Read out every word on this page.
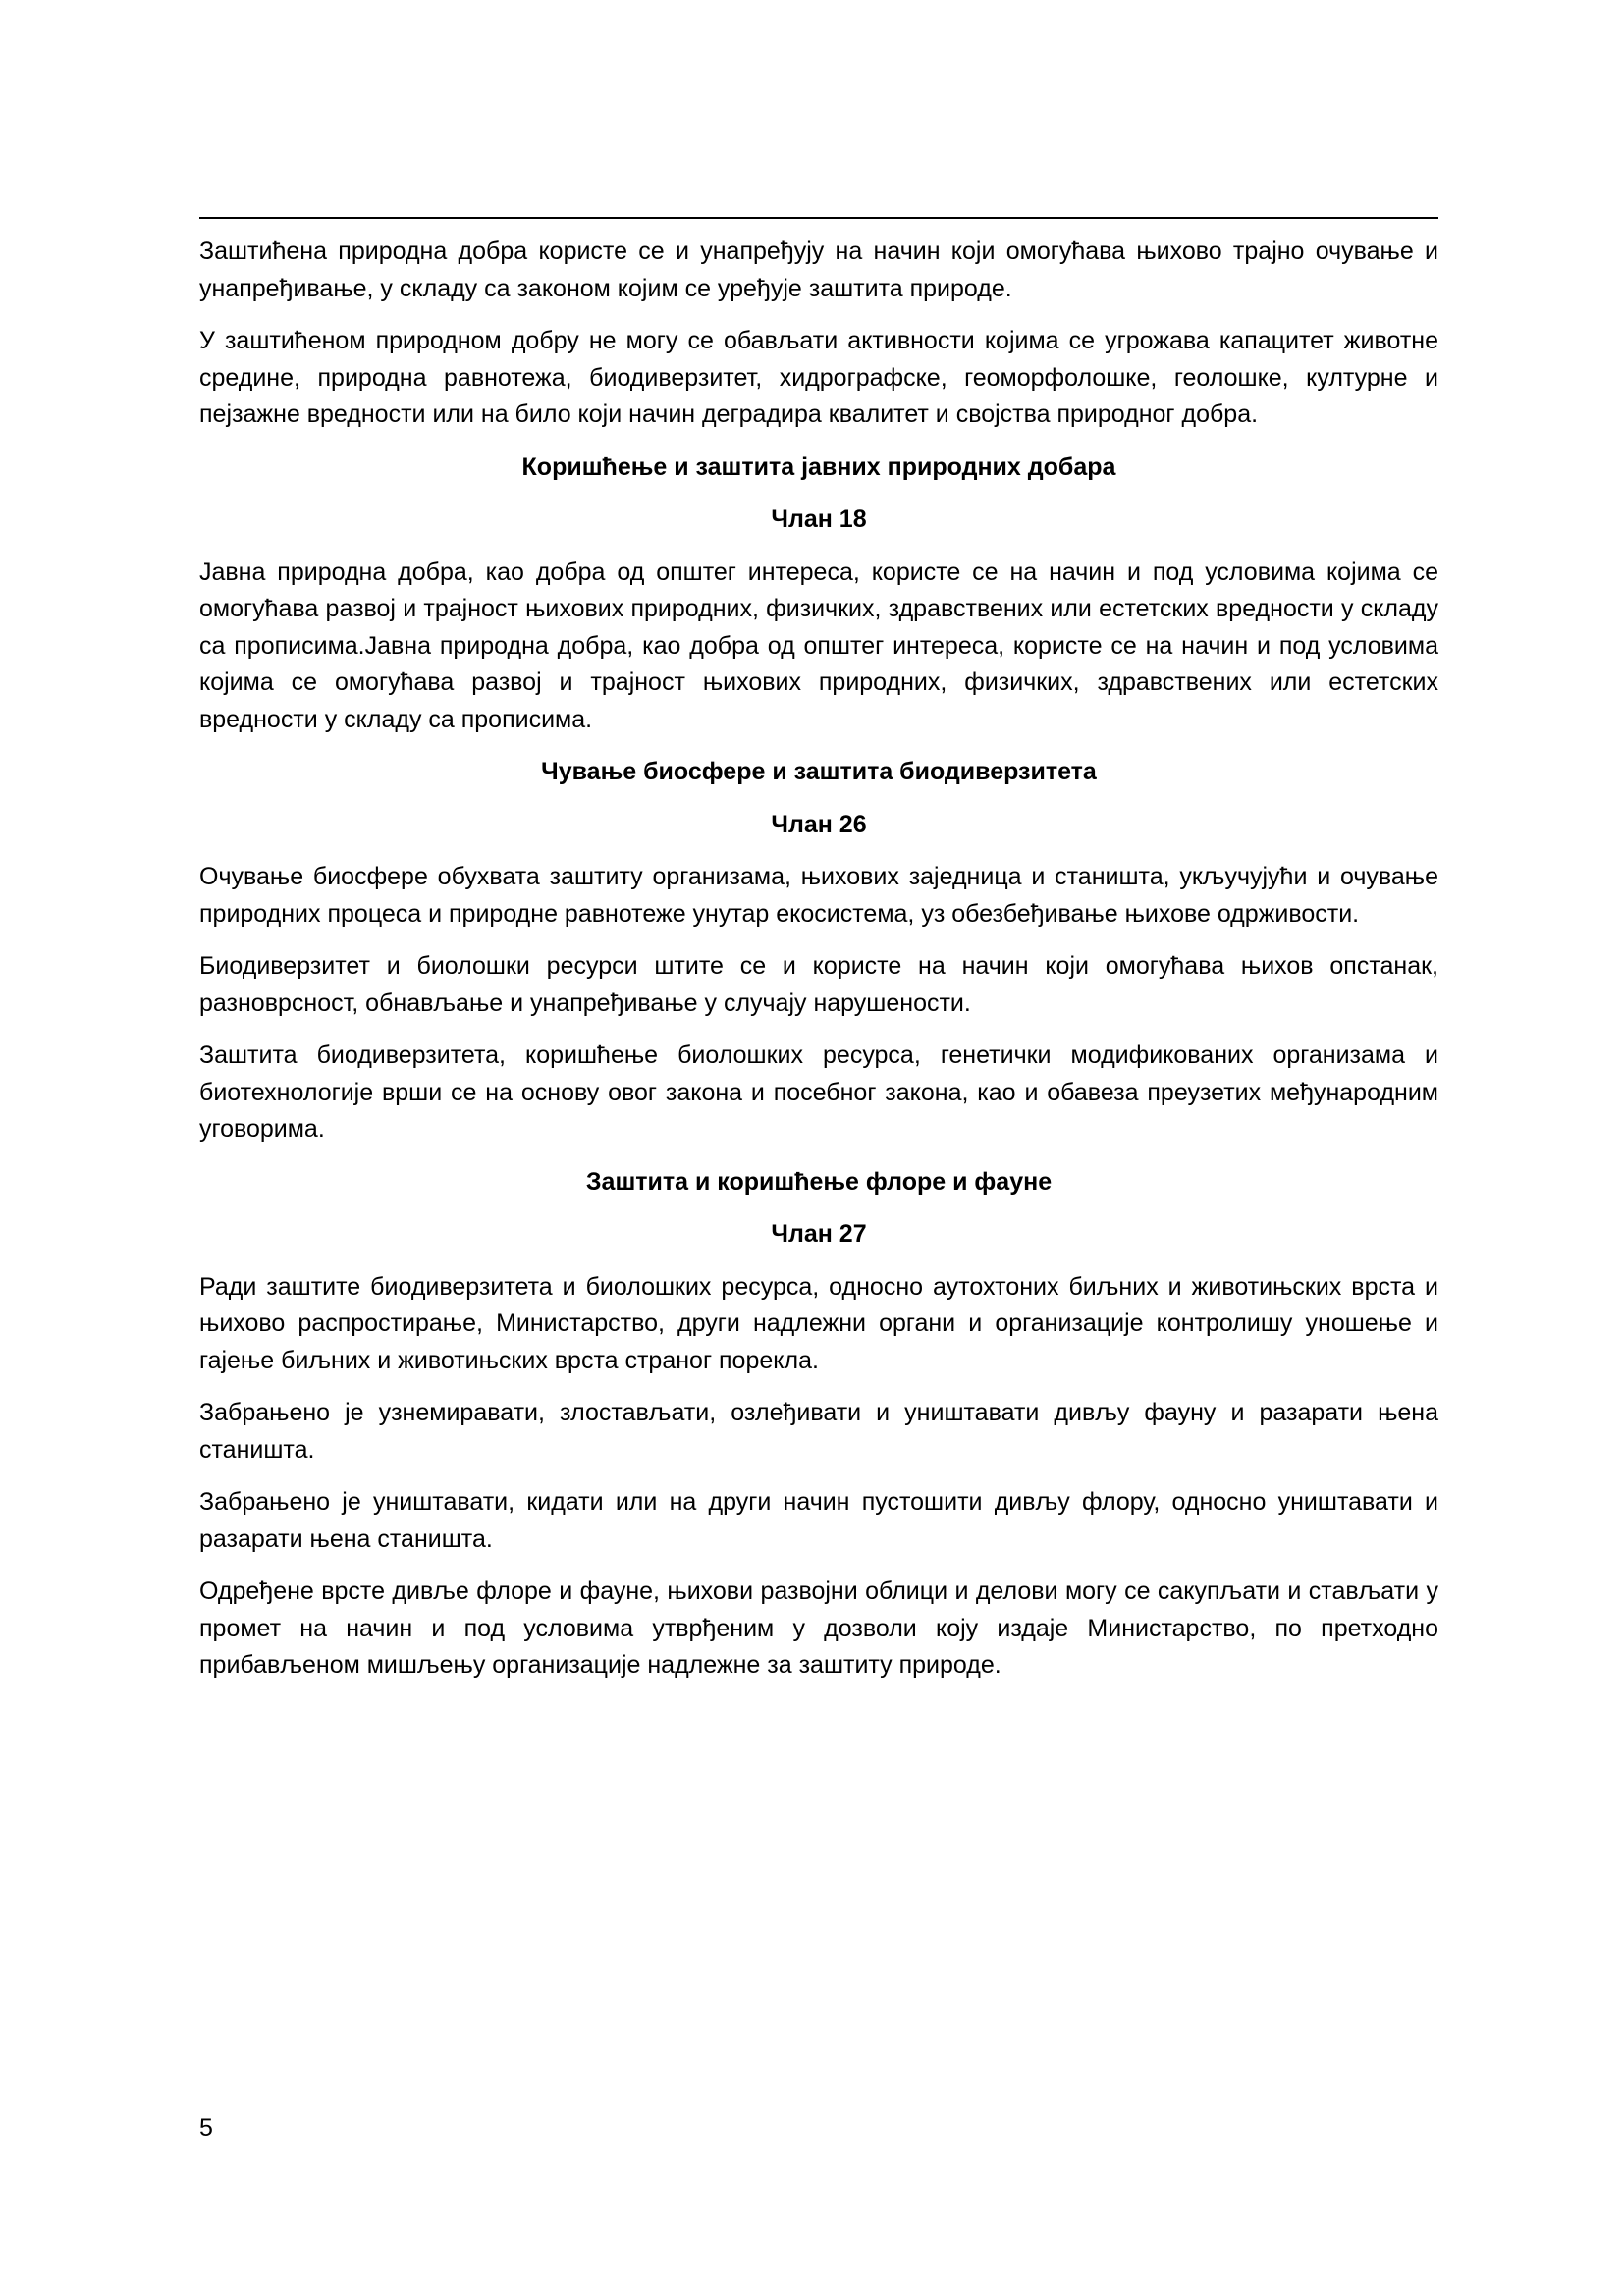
Заштићена природна добра користе се и унапређују на начин који омогућава њихово трајно очување и унапређивање, у складу са законом којим се уређује заштита природе.

У заштићеном природном добру не могу се обављати активности којима се угрожава капацитет животне средине, природна равнотежа, биодиверзитет, хидрографске, геоморфолошке, геолошке, културне и пејзажне вредности или на било који начин деградира квалитет и својства природног добра.

Коришћење и заштита јавних природних добара

Члан 18

Јавна природна добра, као добра од општег интереса, користе се на начин и под условима којима се омогућава развој и трајност њихових природних, физичких, здравствених или естетских вредности у складу са прописима.Јавна природна добра, као добра од општег интереса, користе се на начин и под условима којима се омогућава развој и трајност њихових природних, физичких, здравствених или естетских вредности у складу са прописима.

Чување биосфере и заштита биодиверзитета

Члан 26

Очување биосфере обухвата заштиту организама, њихових заједница и станишта, укључујући и очување природних процеса и природне равнотеже унутар екосистема, уз обезбеђивање њихове одрживости.

Биодиверзитет и биолошки ресурси штите се и користе на начин који омогућава њихов опстанак, разноврсност, обнављање и унапређивање у случају нарушености.

Заштита биодиверзитета, коришћење биолошких ресурса, генетички модификованих организама и биотехнологије врши се на основу овог закона и посебног закона, као и обавеза преузетих међународним уговорима.

Заштита и коришћење флоре и фауне

Члан 27

Ради заштите биодиверзитета и биолошких ресурса, односно аутохтоних биљних и животињских врста и њихово распростирање, Министарство, други надлежни органи и организације контролишу уношење и гајење биљних и животињских врста страног порекла.

Забрањено је узнемиравати, злостављати, озлеђивати и уништавати дивљу фауну и разарати њена станишта.

Забрањено је уништавати, кидати или на други начин пустошити дивљу флору, односно уништавати и разарати њена станишта.

Одређене врсте дивље флоре и фауне, њихови развојни облици и делови могу се сакупљати и стављати у промет на начин и под условима утврђеним у дозволи коју издаје Министарство, по претходно прибављеном мишљењу организације надлежне за заштиту природе.

5
